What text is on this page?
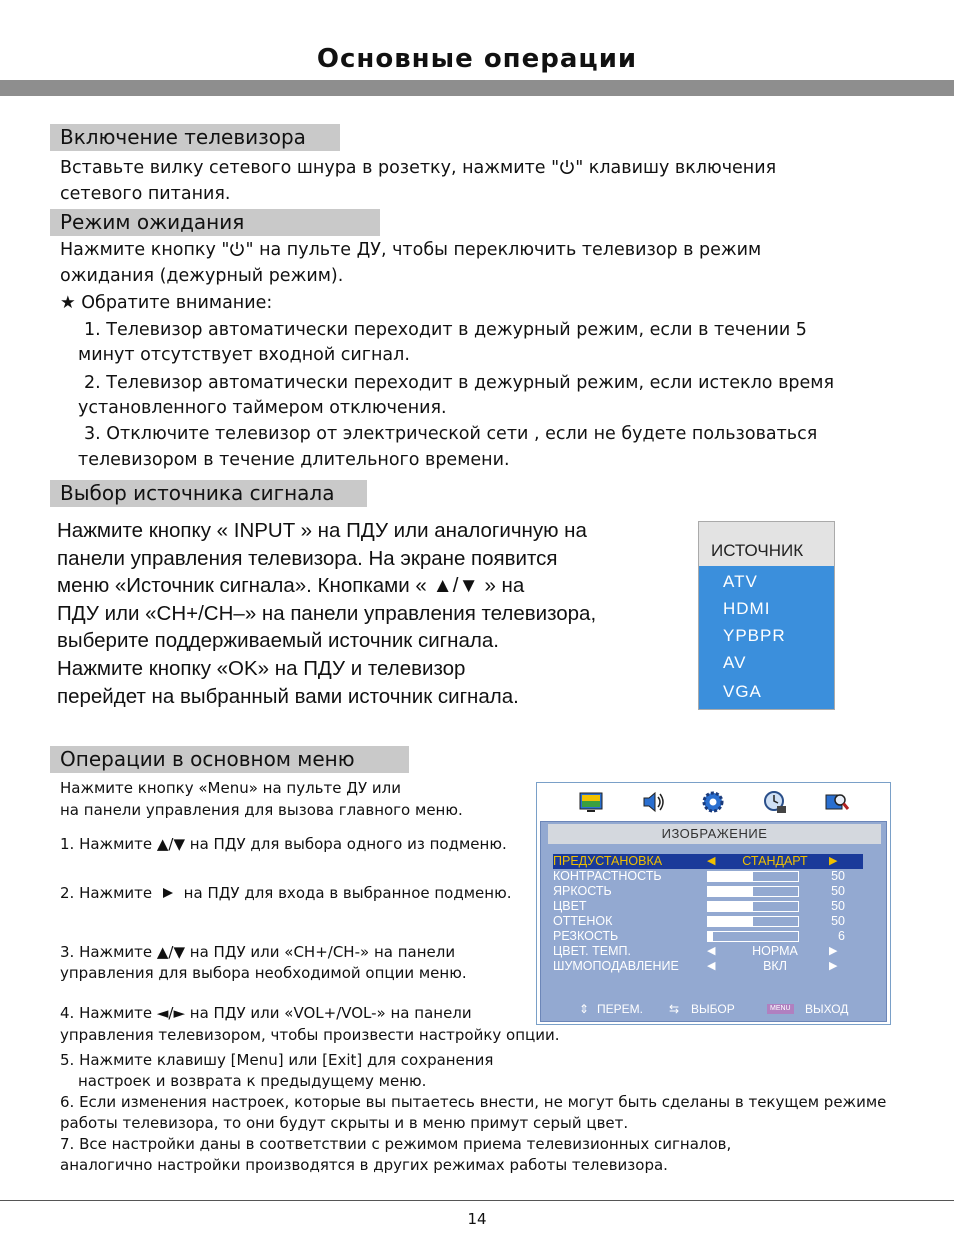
Основные операции
Включение телевизора
Вставьте вилку сетевого шнура в розетку, нажмите " " клавишу включения
сетевого питания.
Режим ожидания
Нажмите кнопку " " на пульте ДУ, чтобы переключить телевизор в режим
ожидания (дежурный режим).
★ Обратите внимание:
1. Телевизор автоматически переходит в дежурный режим, если в течении 5
минут отсутствует входной сигнал.
2. Телевизор автоматически переходит в дежурный режим, если истекло время
установленного таймером отключения.
3. Отключите телевизор от электрической сети , если не будете пользоваться
телевизором в течение длительного времени.
Выбор источника сигнала
Нажмите кнопку « INPUT » на ПДУ или аналогичную на
панели управления телевизора. На экране появится
меню «Источник сигнала». Кнопками « ▲/▼ » на
ПДУ или «CH+/CH–» на панели управления телевизора,
выберите поддерживаемый источник сигнала.
Нажмите кнопку «OK» на ПДУ и телевизор
перейдет на выбранный вами источник сигнала.
ИСТОЧНИК
ATV
HDMI
YPBPR
AV
VGA
Операции в основном меню
Нажмите кнопку «Menu» на пульте ДУ или
на панели управления для вызова главного меню.
1. Нажмите ▲/▼ на ПДУ для выбора одного из подменю.
2. Нажмите на ПДУ для входа в выбранное подменю.
3. Нажмите ▲/▼ на ПДУ или «CH+/CH-» на панели
управления для выбора необходимой опции меню.
4. Нажмите ◄/► на ПДУ или «VOL+/VOL-» на панели
управления телевизором, чтобы произвести настройку опции.
5. Нажмите клавишу [Menu] или [Exit] для сохранения
настроек и возврата к предыдущему меню.
6. Если изменения настроек, которые вы пытаетесь внести, не могут быть сделаны в текущем режиме
работы телевизора, то они будут скрыты и в меню примут серый цвет.
7. Все настройки даны в соответствии с режимом приема телевизионных сигналов,
аналогично настройки производятся в других режимах работы телевизора.
ИЗОБРАЖЕНИЕ
ПРЕДУСТАНОВКА	◀	СТАНДАРТ	▶
КОНТРАСТНОСТЬ	50
ЯРКОСТЬ	50
ЦВЕТ	50
ОТТЕНОК	50
РЕЗКОСТЬ	6
ЦВЕТ. ТЕМП.	◀	НОРМА	▶
ШУМОПОДАВЛЕНИЕ	◀	ВКЛ	▶
⇕ ПЕРЕМ. ⇆ ВЫБОР	MENU ВЫХОД
14
